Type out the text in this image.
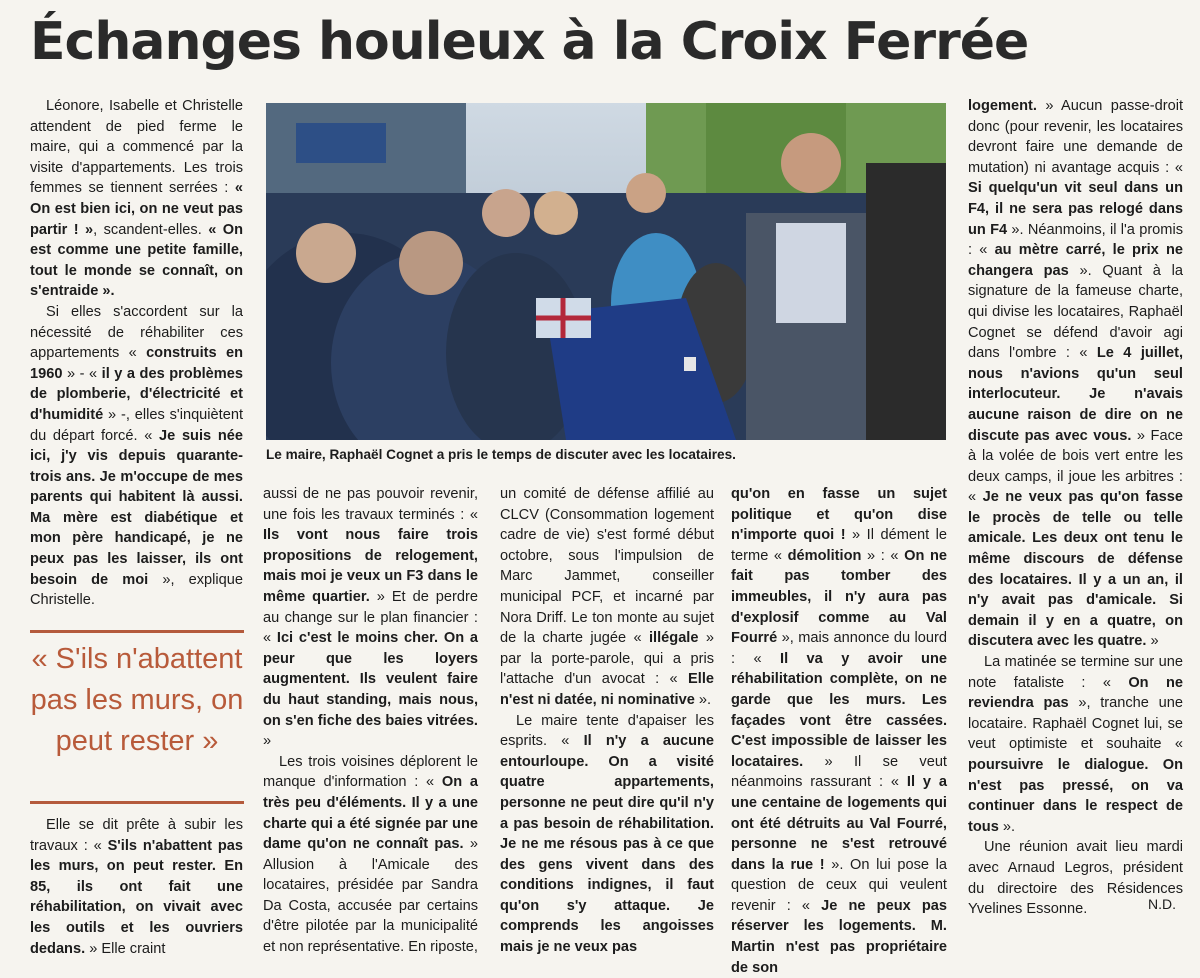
Échanges houleux à la Croix Ferrée

Léonore, Isabelle et Christelle attendent de pied ferme le maire, qui a commencé par la visite d'appartements. Les trois femmes se tiennent serrées : « On est bien ici, on ne veut pas partir ! », scandent-elles. « On est comme une petite famille, tout le monde se connaît, on s'entraide ».

Si elles s'accordent sur la nécessité de réhabiliter ces appartements « construits en 1960 » - « il y a des problèmes de plomberie, d'électricité et d'humidité » -, elles s'inquiètent du départ forcé. « Je suis née ici, j'y vis depuis quarante-trois ans. Je m'occupe de mes parents qui habitent là aussi. Ma mère est diabétique et mon père handicapé, je ne peux pas les laisser, ils ont besoin de moi », explique Christelle.

« S'ils n'abattent pas les murs, on peut rester »

Elle se dit prête à subir les travaux : « S'ils n'abattent pas les murs, on peut rester. En 85, ils ont fait une réhabilitation, on vivait avec les outils et les ouvriers dedans. » Elle craint

Le maire, Raphaël Cognet a pris le temps de discuter avec les locataires.

aussi de ne pas pouvoir revenir, une fois les travaux terminés : « Ils vont nous faire trois propositions de relogement, mais moi je veux un F3 dans le même quartier. » Et de perdre au change sur le plan financier : « Ici c'est le moins cher. On a peur que les loyers augmentent. Ils veulent faire du haut standing, mais nous, on s'en fiche des baies vitrées. »

Les trois voisines déplorent le manque d'information : « On a très peu d'éléments. Il y a une charte qui a été signée par une dame qu'on ne connaît pas. » Allusion à l'Amicale des locataires, présidée par Sandra Da Costa, accusée par certains d'être pilotée par la municipalité et non représentative. En riposte,

un comité de défense affilié au CLCV (Consommation logement cadre de vie) s'est formé début octobre, sous l'impulsion de Marc Jammet, conseiller municipal PCF, et incarné par Nora Driff. Le ton monte au sujet de la charte jugée « illégale » par la porte-parole, qui a pris l'attache d'un avocat : « Elle n'est ni datée, ni nominative ».

Le maire tente d'apaiser les esprits. « Il n'y a aucune entourloupe. On a visité quatre appartements, personne ne peut dire qu'il n'y a pas besoin de réhabilitation. Je ne me résous pas à ce que des gens vivent dans des conditions indignes, il faut qu'on s'y attaque. Je comprends les angoisses mais je ne veux pas

qu'on en fasse un sujet politique et qu'on dise n'importe quoi ! » Il dément le terme « démolition » : « On ne fait pas tomber des immeubles, il n'y aura pas d'explosif comme au Val Fourré », mais annonce du lourd : « Il va y avoir une réhabilitation complète, on ne garde que les murs. Les façades vont être cassées. C'est impossible de laisser les locataires. » Il se veut néanmoins rassurant : « Il y a une centaine de logements qui ont été détruits au Val Fourré, personne ne s'est retrouvé dans la rue ! ». On lui pose la question de ceux qui veulent revenir : « Je ne peux pas réserver les logements. M. Martin n'est pas propriétaire de son

logement. » Aucun passe-droit donc (pour revenir, les locataires devront faire une demande de mutation) ni avantage acquis : « Si quelqu'un vit seul dans un F4, il ne sera pas relogé dans un F4 ». Néanmoins, il l'a promis : « au mètre carré, le prix ne changera pas ». Quant à la signature de la fameuse charte, qui divise les locataires, Raphaël Cognet se défend d'avoir agi dans l'ombre : « Le 4 juillet, nous n'avions qu'un seul interlocuteur. Je n'avais aucune raison de dire on ne discute pas avec vous. » Face à la volée de bois vert entre les deux camps, il joue les arbitres : « Je ne veux pas qu'on fasse le procès de telle ou telle amicale. Les deux ont tenu le même discours de défense des locataires. Il y a un an, il n'y avait pas d'amicale. Si demain il y en a quatre, on discutera avec les quatre. »

La matinée se termine sur une note fataliste : « On ne reviendra pas », tranche une locataire. Raphaël Cognet lui, se veut optimiste et souhaite « poursuivre le dialogue. On n'est pas pressé, on va continuer dans le respect de tous ».

Une réunion avait lieu mardi avec Arnaud Legros, président du directoire des Résidences Yvelines Essonne.	N.D.
